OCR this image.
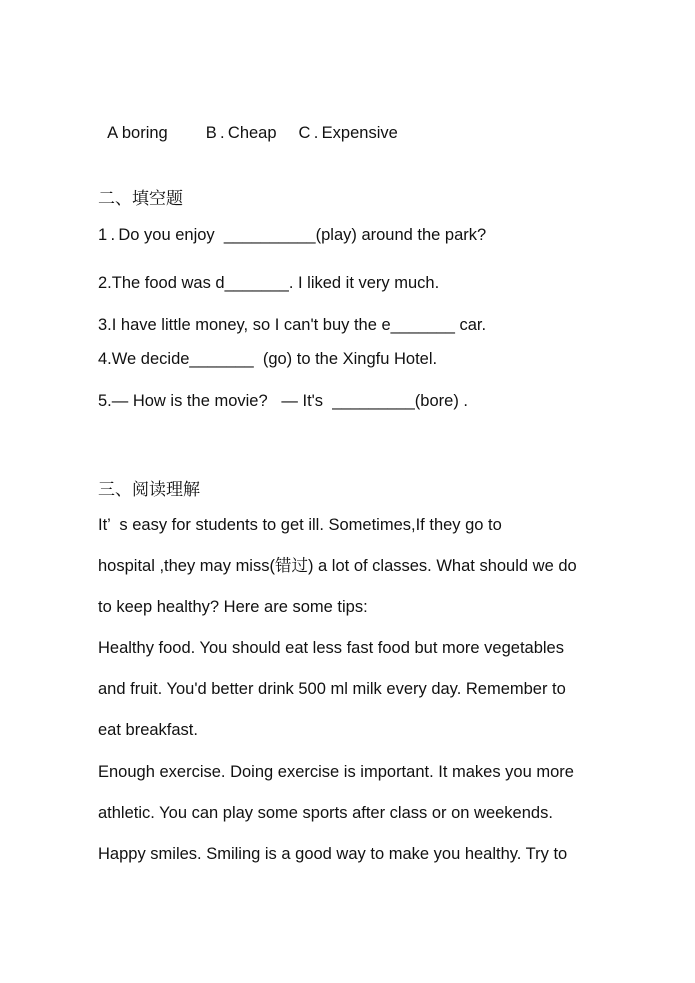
A boring B . Cheap C . Expensive

二、填空题
1 . Do you enjoy  __________(play) around the park?
2.The food was d_______. I liked it very much.
3.I have little money, so I can't buy the e_______ car.
4.We decide_______  (go) to the Xingfu Hotel.
5.— How is the movie?   — It's  _________(bore) .
三、阅读理解
It’  s easy for students to get ill. Sometimes,If they go to
hospital ,they may miss(错过) a lot of classes. What should we do
to keep healthy? Here are some tips:
Healthy food. You should eat less fast food but more vegetables
and fruit. You'd better drink 500 ml milk every day. Remember to
eat breakfast.
Enough exercise. Doing exercise is important. It makes you more
athletic. You can play some sports after class or on weekends.
Happy smiles. Smiling is a good way to make you healthy. Try to
